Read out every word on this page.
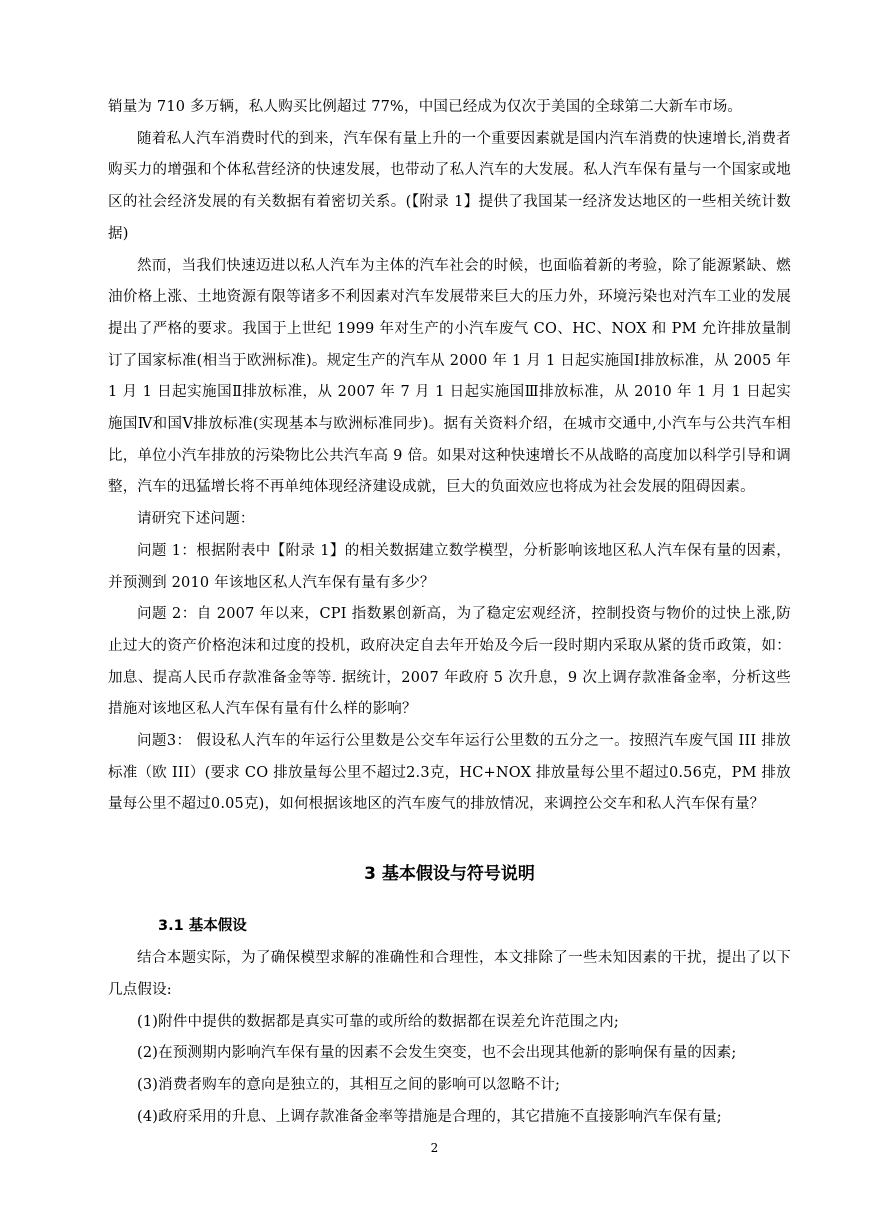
销量为 710 多万辆，私人购买比例超过 77%，中国已经成为仅次于美国的全球第二大新车市场。

随着私人汽车消费时代的到来，汽车保有量上升的一个重要因素就是国内汽车消费的快速增长,消费者购买力的增强和个体私营经济的快速发展，也带动了私人汽车的大发展。私人汽车保有量与一个国家或地区的社会经济发展的有关数据有着密切关系。(【附录 1】提供了我国某一经济发达地区的一些相关统计数据)

然而，当我们快速迈进以私人汽车为主体的汽车社会的时候，也面临着新的考验，除了能源紧缺、燃油价格上涨、土地资源有限等诸多不利因素对汽车发展带来巨大的压力外，环境污染也对汽车工业的发展提出了严格的要求。我国于上世纪 1999 年对生产的小汽车废气 CO、HC、NOX 和 PM 允许排放量制订了国家标准(相当于欧洲标准)。规定生产的汽车从 2000 年 1 月 1 日起实施国Ⅰ排放标准，从 2005 年 1 月 1 日起实施国Ⅱ排放标准，从 2007 年 7 月 1 日起实施国Ⅲ排放标准，从 2010 年 1 月 1 日起实施国Ⅳ和国Ⅴ排放标准(实现基本与欧洲标准同步)。据有关资料介绍，在城市交通中,小汽车与公共汽车相比，单位小汽车排放的污染物比公共汽车高 9 倍。如果对这种快速增长不从战略的高度加以科学引导和调整，汽车的迅猛增长将不再单纯体现经济建设成就，巨大的负面效应也将成为社会发展的阻碍因素。

请研究下述问题：

问题 1：根据附表中【附录 1】的相关数据建立数学模型，分析影响该地区私人汽车保有量的因素，并预测到 2010 年该地区私人汽车保有量有多少？

问题 2：自 2007 年以来，CPI 指数累创新高，为了稳定宏观经济，控制投资与物价的过快上涨,防止过大的资产价格泡沫和过度的投机，政府决定自去年开始及今后一段时期内采取从紧的货币政策，如：加息、提高人民币存款准备金等等. 据统计，2007 年政府 5 次升息，9 次上调存款准备金率，分析这些措施对该地区私人汽车保有量有什么样的影响？

问题3： 假设私人汽车的年运行公里数是公交车年运行公里数的五分之一。按照汽车废气国 III 排放标准（欧 III）(要求 CO 排放量每公里不超过2.3克，HC+NOX 排放量每公里不超过0.56克，PM 排放量每公里不超过0.05克)，如何根据该地区的汽车废气的排放情况，来调控公交车和私人汽车保有量？

3 基本假设与符号说明
3.1 基本假设

结合本题实际，为了确保模型求解的准确性和合理性，本文排除了一些未知因素的干扰，提出了以下几点假设:

(1)附件中提供的数据都是真实可靠的或所给的数据都在误差允许范围之内;

(2)在预测期内影响汽车保有量的因素不会发生突变，也不会出现其他新的影响保有量的因素;

(3)消费者购车的意向是独立的，其相互之间的影响可以忽略不计;

(4)政府采用的升息、上调存款准备金率等措施是合理的，其它措施不直接影响汽车保有量;

2
